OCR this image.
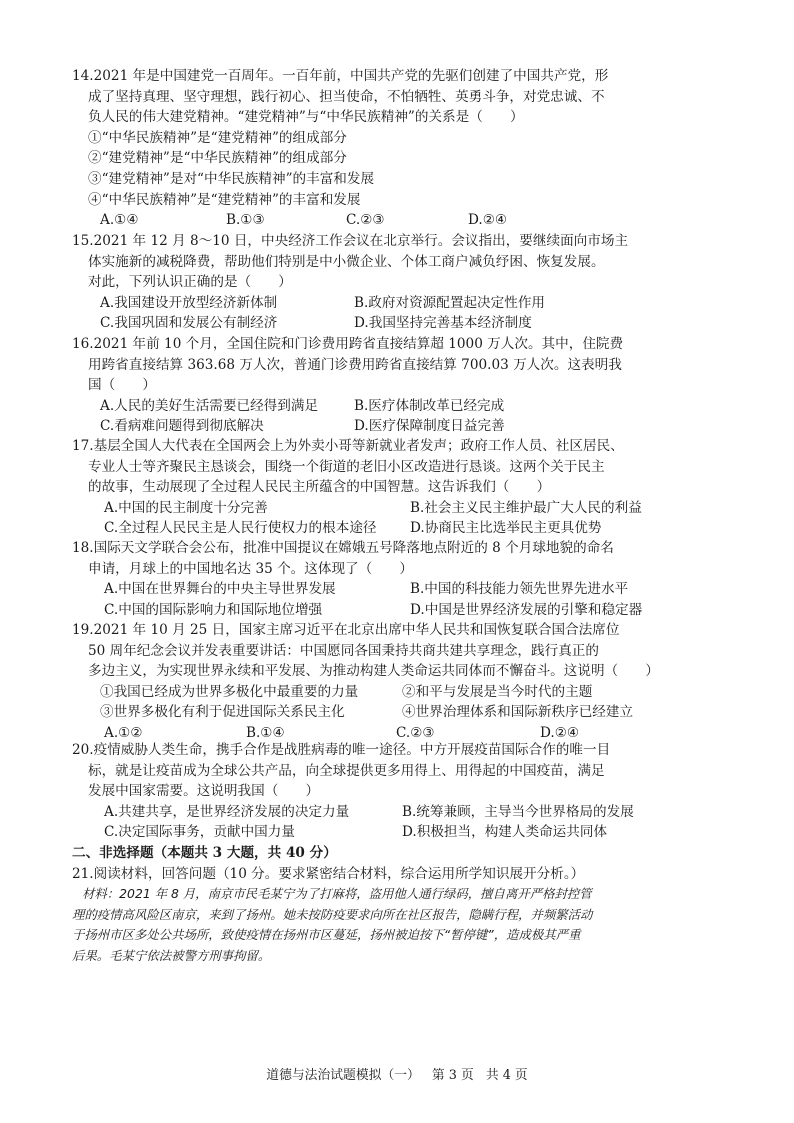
14.2021 年是中国建党一百周年。一百年前，中国共产党的先驱们创建了中国共产党，形
成了坚持真理、坚守理想，践行初心、担当使命，不怕牺牲、英勇斗争，对党忠诚、不
负人民的伟大建党精神。“建党精神”与“中华民族精神”的关系是（　　）
①“中华民族精神”是“建党精神”的组成部分
②“建党精神”是“中华民族精神”的组成部分
③“建党精神”是对“中华民族精神”的丰富和发展
④“中华民族精神”是“建党精神”的丰富和发展
A.①④	B.①③	C.②③	D.②④
15.2021 年 12 月 8～10 日，中央经济工作会议在北京举行。会议指出，要继续面向市场主
体实施新的减税降费，帮助他们特别是中小微企业、个体工商户减负纾困、恢复发展。
对此，下列认识正确的是（　　）
A.我国建设开放型经济新体制	B.政府对资源配置起决定性作用
C.我国巩固和发展公有制经济	D.我国坚持完善基本经济制度
16.2021 年前 10 个月，全国住院和门诊费用跨省直接结算超 1000 万人次。其中，住院费
用跨省直接结算 363.68 万人次，普通门诊费用跨省直接结算 700.03 万人次。这表明我
国（　　）
A.人民的美好生活需要已经得到满足	B.医疗体制改革已经完成
C.看病难问题得到彻底解决	D.医疗保障制度日益完善
17.基层全国人大代表在全国两会上为外卖小哥等新就业者发声；政府工作人员、社区居民、
专业人士等齐聚民主恳谈会，围绕一个街道的老旧小区改造进行恳谈。这两个关于民主
的故事，生动展现了全过程人民民主所蕴含的中国智慧。这告诉我们（　　）
A.中国的民主制度十分完善	B.社会主义民主维护最广大人民的利益
C.全过程人民民主是人民行使权力的根本途径 D.协商民主比选举民主更具优势
18.国际天文学联合会公布，批准中国提议在嫦娥五号降落地点附近的 8 个月球地貌的命名
申请，月球上的中国地名达 35 个。这体现了（　　）
A.中国在世界舞台的中央主导世界发展	B.中国的科技能力领先世界先进水平
C.中国的国际影响力和国际地位增强	D.中国是世界经济发展的引擎和稳定器
19.2021 年 10 月 25 日，国家主席习近平在北京出席中华人民共和国恢复联合国合法席位
50 周年纪念会议并发表重要讲话：中国愿同各国秉持共商共建共享理念，践行真正的
多边主义，为实现世界永续和平发展、为推动构建人类命运共同体而不懈奋斗。这说明（　　）
①我国已经成为世界多极化中最重要的力量	②和平与发展是当今时代的主题
③世界多极化有利于促进国际关系民主化	④世界治理体系和国际新秩序已经建立
A.①②	B.①④	C.②③	D.②④
20.疫情威胁人类生命，携手合作是战胜病毒的唯一途径。中方开展疫苗国际合作的唯一目
标，就是让疫苗成为全球公共产品，向全球提供更多用得上、用得起的中国疫苗，满足
发展中国家需要。这说明我国（　　）
A.共建共享，是世界经济发展的决定力量	B.统筹兼顾，主导当今世界格局的发展
C.决定国际事务，贡献中国力量	D.积极担当，构建人类命运共同体
二、非选择题（本题共 3 大题，共 40 分）
21.阅读材料，回答问题（10 分。要求紧密结合材料，综合运用所学知识展开分析。）
材料：2021 年 8 月，南京市民毛某宁为了打麻将，盗用他人通行绿码，擅自离开严格封控管
理的疫情高风险区南京，来到了扬州。她未按防疫要求向所在社区报告，隐瞒行程，并频繁活动
于扬州市区多处公共场所，致使疫情在扬州市区蔓延，扬州被迫按下“暂停键”，造成极其严重
后果。毛某宁依法被警方刑事拘留。
道德与法治试题模拟（一） 第 3 页 共 4 页
